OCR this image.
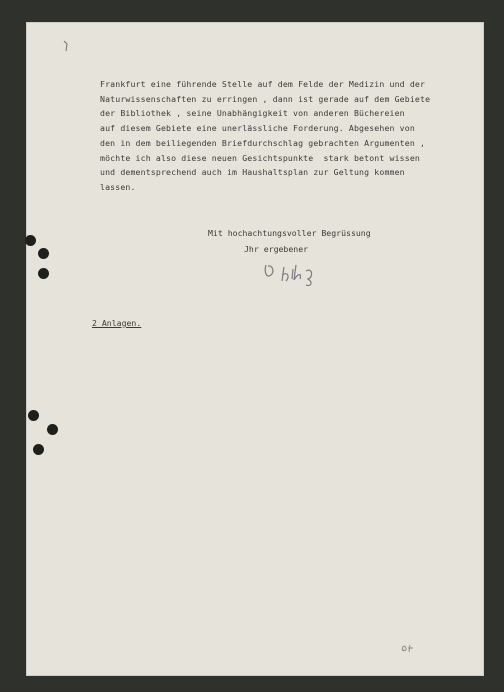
Frankfurt eine führende Stelle auf dem Felde der Medizin und der
Naturwissenschaften zu erringen , dann ist gerade auf dem Gebiete
der Bibliothek , seine Unabhängigkeit von anderen Büchereien
auf diesem Gebiete eine unerlässliche Forderung. Abgesehen von
den in dem beiliegenden Briefdurchschlag gebrachten Argumenten ,
möchte ich also diese neuen Gesichtspunkte  stark betont wissen
und dementsprechend auch im Haushaltsplan zur Geltung kommen
lassen.
Mit hochachtungsvoller Begrüssung
Jhr ergebener
2 Anlagen.
